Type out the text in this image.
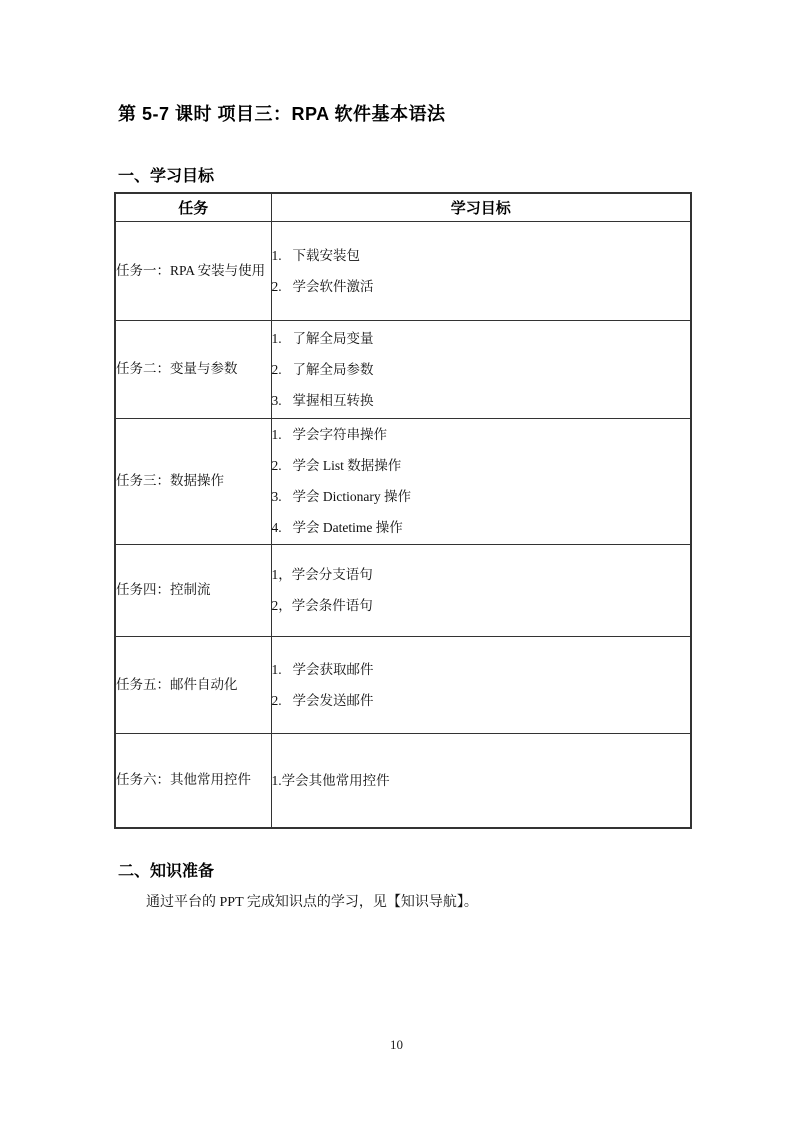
第 5-7 课时 项目三：RPA 软件基本语法
一、学习目标
任务	学习目标
任务一：RPA 安装与使用	1. 下载安装包
2. 学会软件激活

任务二：变量与参数	1. 了解全局变量
2. 了解全局参数
3. 掌握相互转换

任务三：数据操作	1. 学会字符串操作
2. 学会 List 数据操作
3. 学会 Dictionary 操作
4. 学会 Datetime 操作

任务四：控制流	1，学会分支语句
2，学会条件语句

任务五：邮件自动化	1. 学会获取邮件
2. 学会发送邮件

任务六：其他常用控件	1.学会其他常用控件
二、知识准备

通过平台的 PPT 完成知识点的学习，见【知识导航】。

10
